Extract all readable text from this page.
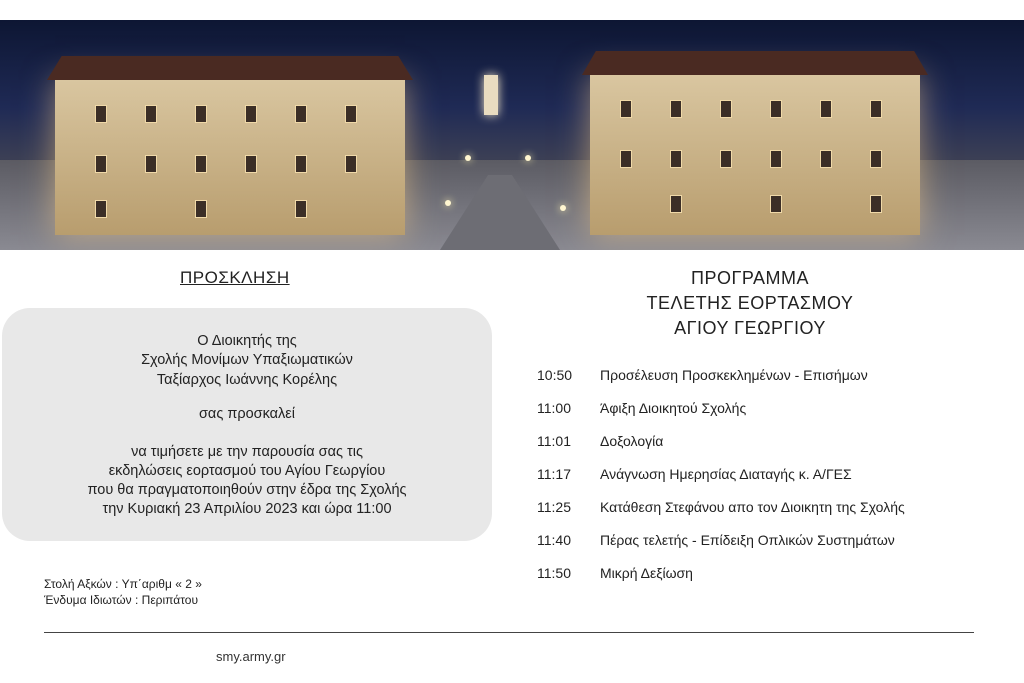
ΠΡΟΣΚΛΗΣΗ
Ο Διοικητής της
Σχολής Μονίμων Υπαξιωματικών
Ταξίαρχος Ιωάννης Κορέλης
σας προσκαλεί
να τιμήσετε με την παρουσία σας τις
εκδηλώσεις εορτασμού του Αγίου Γεωργίου
που θα πραγματοποιηθούν στην έδρα της Σχολής
την Κυριακή 23 Απριλίου 2023 και ώρα 11:00
Στολή Αξκών : Υπ΄αριθμ « 2 »
Ένδυμα Ιδιωτών : Περιπάτου
ΠΡΟΓΡΑΜΜΑ
ΤΕΛΕΤΗΣ ΕΟΡΤΑΣΜΟΥ
ΑΓΙΟΥ ΓΕΩΡΓΙΟΥ
10:50 Προσέλευση Προσκεκλημένων - Επισήμων
11:00 Άφιξη Διοικητού Σχολής
11:01 Δοξολογία
11:17 Ανάγνωση Ημερησίας Διαταγής κ. Α/ΓΕΣ
11:25 Κατάθεση Στεφάνου απο τον Διοικητη της Σχολής
11:40 Πέρας τελετής - Επίδειξη Οπλικών Συστημάτων
11:50 Μικρή Δεξίωση
smy.army.gr
